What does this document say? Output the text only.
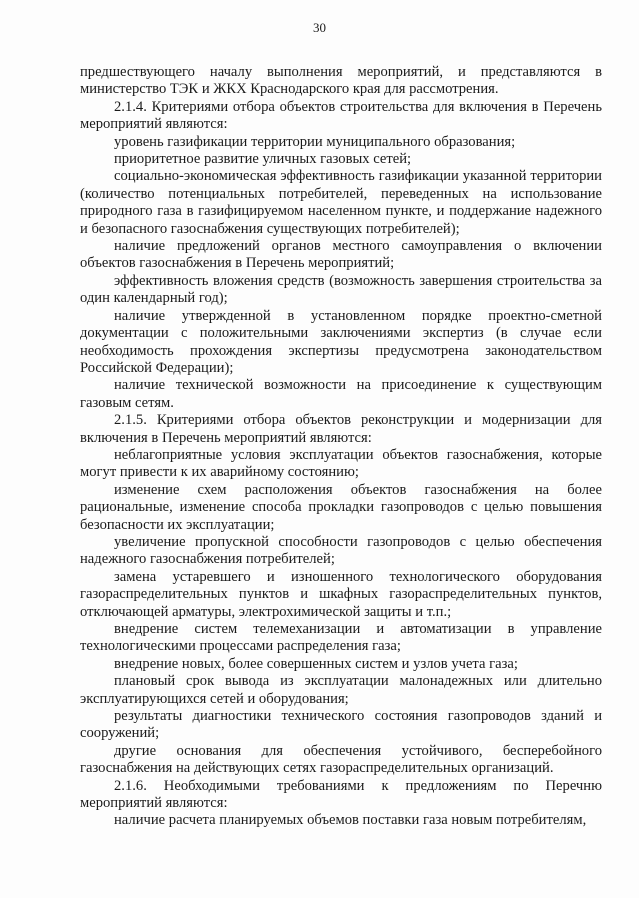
30

предшествующего началу выполнения мероприятий, и представляются в министерство ТЭК и ЖКХ Краснодарского края для рассмотрения.

2.1.4. Критериями отбора объектов строительства для включения в Перечень мероприятий являются:

уровень газификации территории муниципального образования;

приоритетное развитие уличных газовых сетей;

социально-экономическая эффективность газификации указанной территории (количество потенциальных потребителей, переведенных на использование природного газа в газифицируемом населенном пункте, и поддержание надежного и безопасного газоснабжения существующих потребителей);

наличие предложений органов местного самоуправления о включении объектов газоснабжения в Перечень мероприятий;

эффективность вложения средств (возможность завершения строительства за один календарный год);

наличие утвержденной в установленном порядке проектно-сметной документации с положительными заключениями экспертиз (в случае если необходимость прохождения экспертизы предусмотрена законодательством Российской Федерации);

наличие технической возможности на присоединение к существующим газовым сетям.

2.1.5. Критериями отбора объектов реконструкции и модернизации для включения в Перечень мероприятий являются:

неблагоприятные условия эксплуатации объектов газоснабжения, которые могут привести к их аварийному состоянию;

изменение схем расположения объектов газоснабжения на более рациональные, изменение способа прокладки газопроводов с целью повышения безопасности их эксплуатации;

увеличение пропускной способности газопроводов с целью обеспечения надежного газоснабжения потребителей;

замена устаревшего и изношенного технологического оборудования газораспределительных пунктов и шкафных газораспределительных пунктов, отключающей арматуры, электрохимической защиты и т.п.;

внедрение систем телемеханизации и автоматизации в управление технологическими процессами распределения газа;

внедрение новых, более совершенных систем и узлов учета газа;

плановый срок вывода из эксплуатации малонадежных или длительно эксплуатирующихся сетей и оборудования;

результаты диагностики технического состояния газопроводов зданий и сооружений;

другие основания для обеспечения устойчивого, бесперебойного газоснабжения на действующих сетях газораспределительных организаций.

2.1.6. Необходимыми требованиями к предложениям по Перечню мероприятий являются:

наличие расчета планируемых объемов поставки газа новым потребителям,
